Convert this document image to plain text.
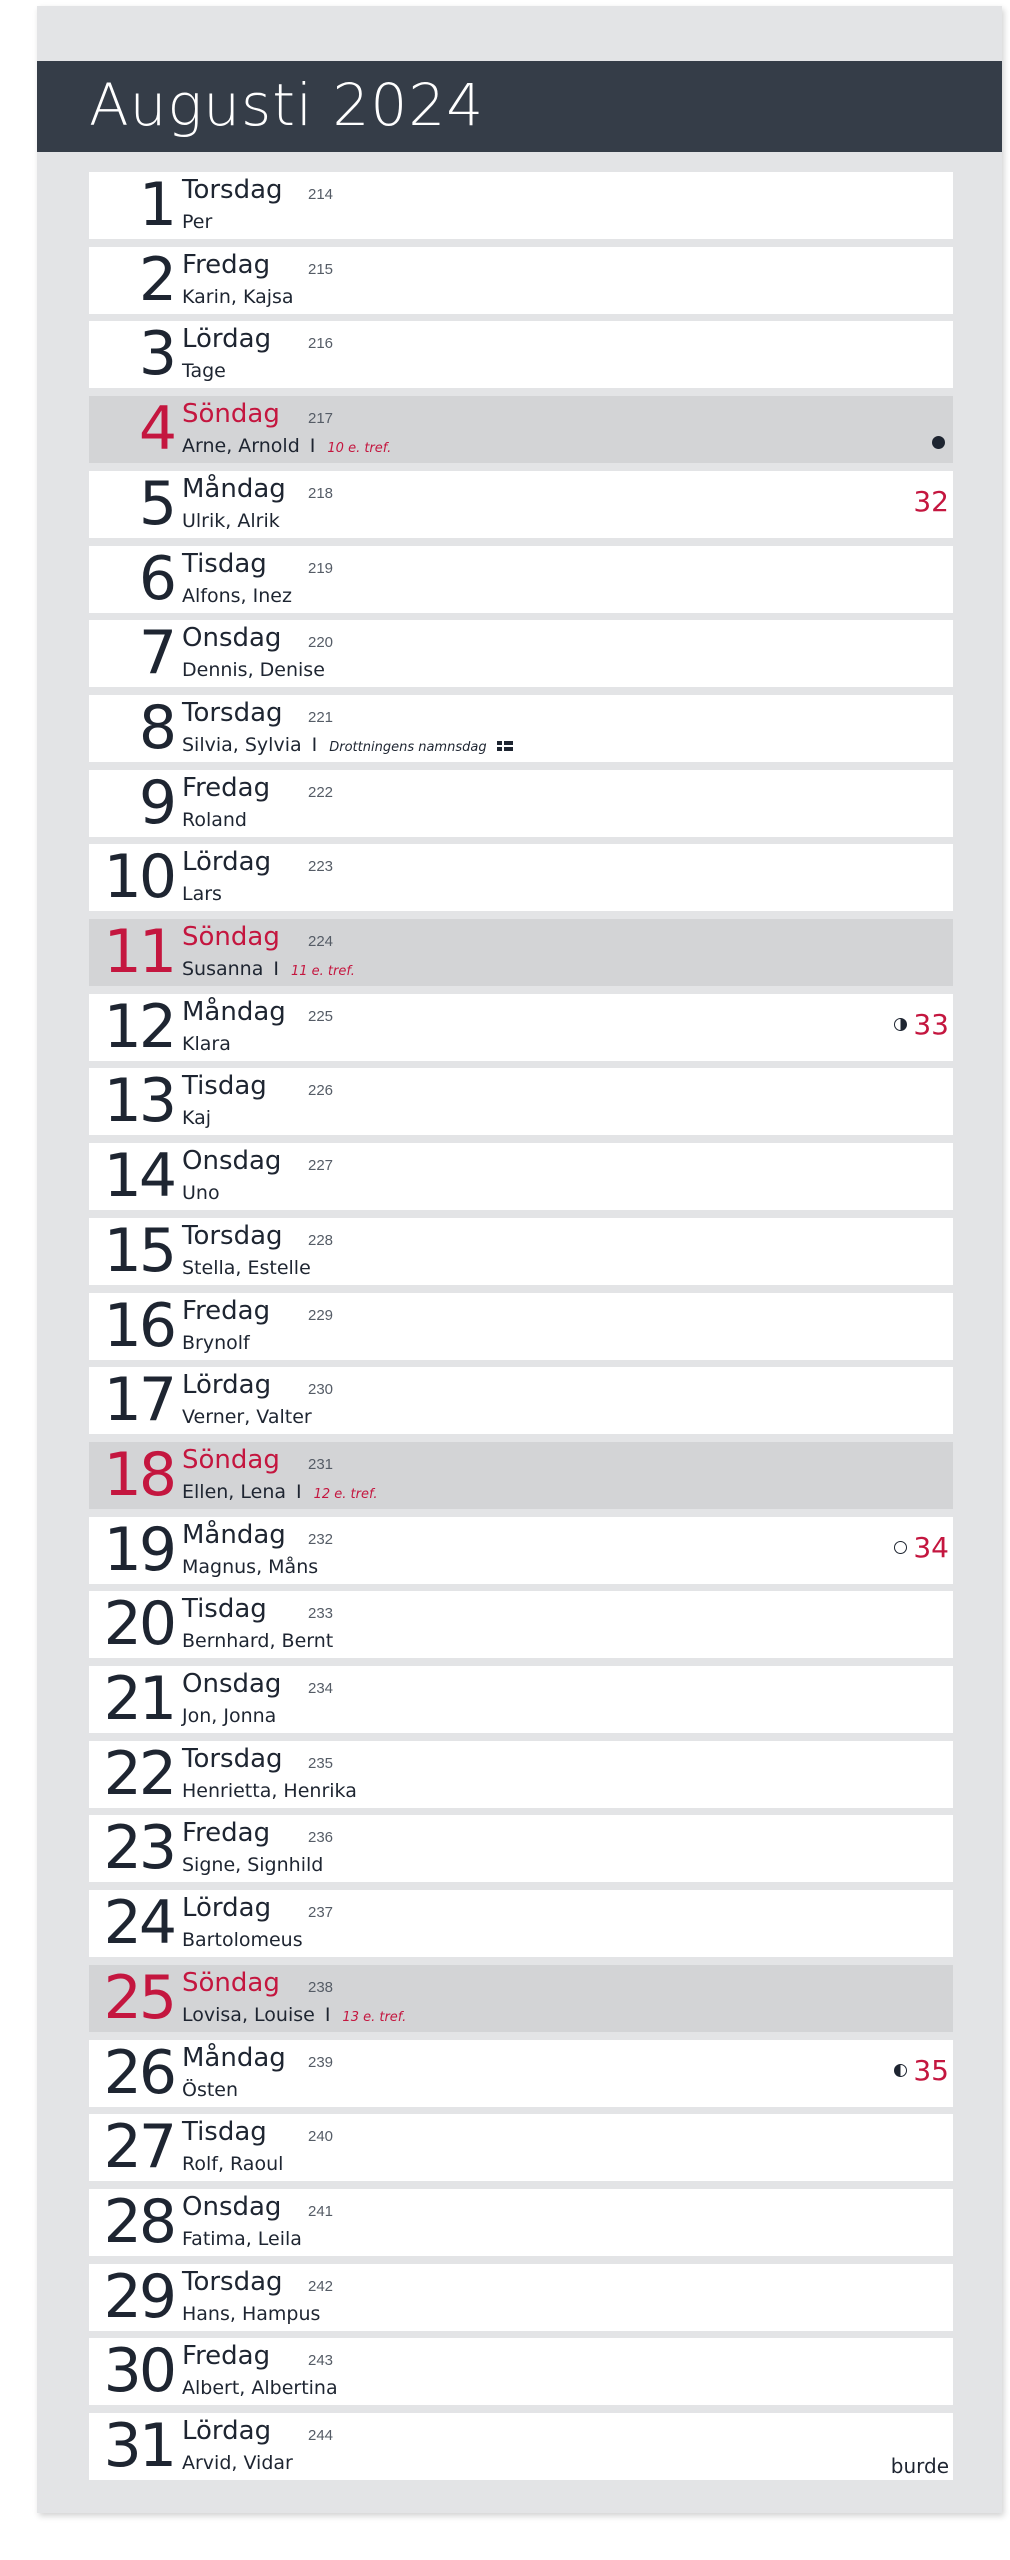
Augusti 2024
1 Torsdag 214
Per
2 Fredag	215
Karin, Kajsa
3 Lördag 216
Tage
4 Söndag 217
Arne, Arnold I 10 e. tref.
5 Måndag 218
Ulrik, Alrik
32
6 Tisdag	219
Alfons, Inez
7 Onsdag 220
Dennis, Denise
8 Torsdag 221
Silvia, Sylvia I Drottningens namnsdag
9 Fredag	222
Roland
10 Lördag 223
Lars
11 Söndag 224
Susanna I 11 e. tref.
12 Måndag 225
Klara
33
13 Tisdag	226
Kaj
14 Onsdag 227
Uno
15 Torsdag 228
Stella, Estelle
16 Fredag	229
Brynolf
17 Lördag 230
Verner, Valter
18 Söndag 231
Ellen, Lena I 12 e. tref.
19 Måndag 232
Magnus, Måns
34
20 Tisdag	233
Bernhard, Bernt
21 Onsdag 234
Jon, Jonna
22 Torsdag 235
Henrietta, Henrika
23 Fredag	236
Signe, Signhild
24 Lördag 237
Bartolomeus
25 Söndag 238
Lovisa, Louise I 13 e. tref.
26 Måndag 239
Östen
35
27 Tisdag	240
Rolf, Raoul
28 Onsdag 241
Fatima, Leila
29 Torsdag 242
Hans, Hampus
30 Fredag	243
Albert, Albertina
31 Lördag 244
Arvid, Vidar	burde
